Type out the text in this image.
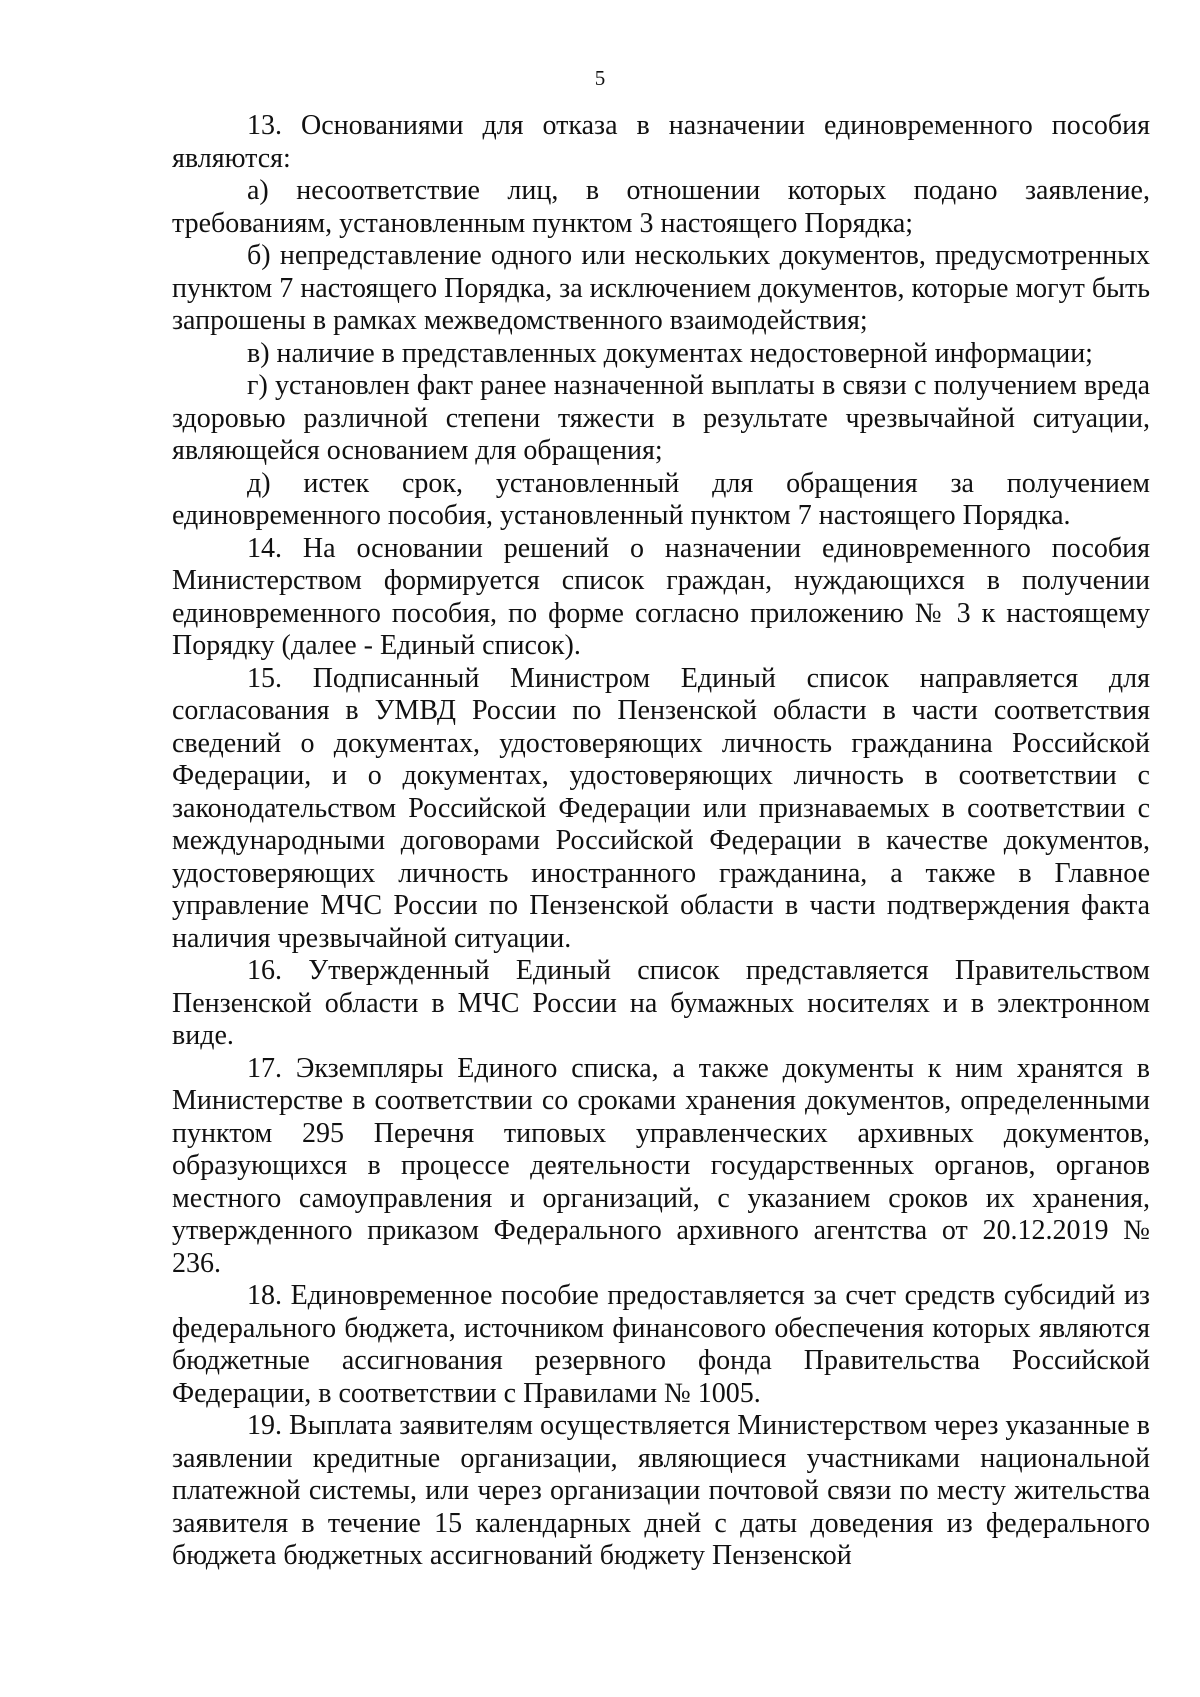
5

13. Основаниями для отказа в назначении единовременного пособия являются:

а) несоответствие лиц, в отношении которых подано заявление, требованиям, установленным пунктом 3 настоящего Порядка;

б) непредставление одного или нескольких документов, предусмотренных пунктом 7 настоящего Порядка, за исключением документов, которые могут быть запрошены в рамках межведомственного взаимодействия;

в) наличие в представленных документах недостоверной информации;

г) установлен факт ранее назначенной выплаты в связи с получением вреда здоровью различной степени тяжести в результате чрезвычайной ситуации, являющейся основанием для обращения;

д) истек срок, установленный для обращения за получением единовременного пособия, установленный пунктом 7 настоящего Порядка.

14. На основании решений о назначении единовременного пособия Министерством формируется список граждан, нуждающихся в получении единовременного пособия, по форме согласно приложению № 3 к настоящему Порядку (далее - Единый список).

15. Подписанный Министром Единый список направляется для согласования в УМВД России по Пензенской области в части соответствия сведений о документах, удостоверяющих личность гражданина Российской Федерации, и о документах, удостоверяющих личность в соответствии с законодательством Российской Федерации или признаваемых в соответствии с международными договорами Российской Федерации в качестве документов, удостоверяющих личность иностранного гражданина, а также в Главное управление МЧС России по Пензенской области в части подтверждения факта наличия чрезвычайной ситуации.

16. Утвержденный Единый список представляется Правительством Пензенской области в МЧС России на бумажных носителях и в электронном виде.

17. Экземпляры Единого списка, а также документы к ним хранятся в Министерстве в соответствии со сроками хранения документов, определенными пунктом 295 Перечня типовых управленческих архивных документов, образующихся в процессе деятельности государственных органов, органов местного самоуправления и организаций, с указанием сроков их хранения, утвержденного приказом Федерального архивного агентства от 20.12.2019 № 236.

18. Единовременное пособие предоставляется за счет средств субсидий из федерального бюджета, источником финансового обеспечения которых являются бюджетные ассигнования резервного фонда Правительства Российской Федерации, в соответствии с Правилами № 1005.

19. Выплата заявителям осуществляется Министерством через указанные в заявлении кредитные организации, являющиеся участниками национальной платежной системы, или через организации почтовой связи по месту жительства заявителя в течение 15 календарных дней с даты доведения из федерального бюджета бюджетных ассигнований бюджету Пензенской
